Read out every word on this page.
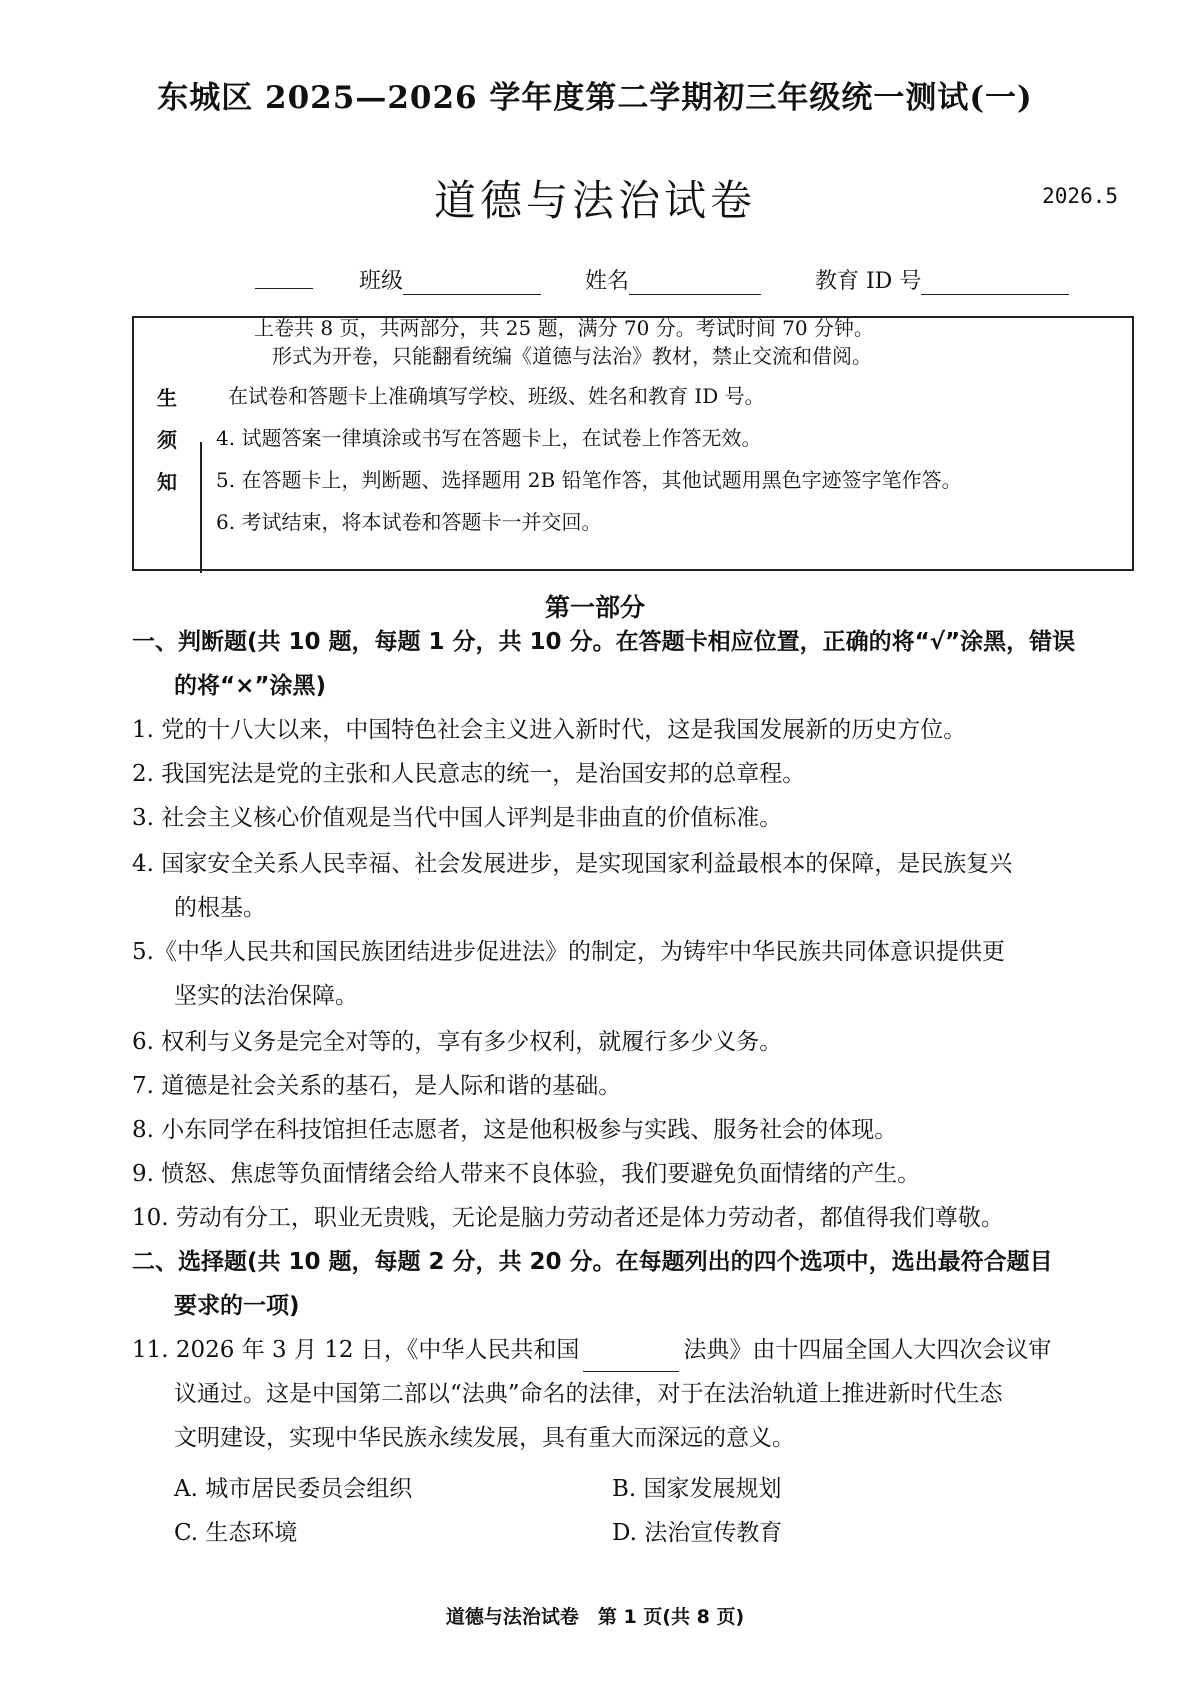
东城区 2025—2026 学年度第二学期初三年级统一测试(一)
道德与法治试卷	2026.5
班级	姓名	教育 ID 号
生
须
知
上卷共 8 页，共两部分，共 25 题，满分 70 分。考试时间 70 分钟。
形式为开卷，只能翻看统编《道德与法治》教材，禁止交流和借阅。
在试卷和答题卡上准确填写学校、班级、姓名和教育 ID 号。
4. 试题答案一律填涂或书写在答题卡上，在试卷上作答无效。
5. 在答题卡上，判断题、选择题用 2B 铅笔作答，其他试题用黑色字迹签字笔作答。
6. 考试结束，将本试卷和答题卡一并交回。
第一部分
一、判断题(共 10 题，每题 1 分，共 10 分。在答题卡相应位置，正确的将“√”涂黑，错误
的将“×”涂黑)
1. 党的十八大以来，中国特色社会主义进入新时代，这是我国发展新的历史方位。
2. 我国宪法是党的主张和人民意志的统一，是治国安邦的总章程。
3. 社会主义核心价值观是当代中国人评判是非曲直的价值标准。
4. 国家安全关系人民幸福、社会发展进步，是实现国家利益最根本的保障，是民族复兴
的根基。
5.《中华人民共和国民族团结进步促进法》的制定，为铸牢中华民族共同体意识提供更
坚实的法治保障。
6. 权利与义务是完全对等的，享有多少权利，就履行多少义务。
7. 道德是社会关系的基石，是人际和谐的基础。
8. 小东同学在科技馆担任志愿者，这是他积极参与实践、服务社会的体现。
9. 愤怒、焦虑等负面情绪会给人带来不良体验，我们要避免负面情绪的产生。
10. 劳动有分工，职业无贵贱，无论是脑力劳动者还是体力劳动者，都值得我们尊敬。
二、选择题(共 10 题，每题 2 分，共 20 分。在每题列出的四个选项中，选出最符合题目
要求的一项)
11. 2026 年 3 月 12 日，《中华人民共和国	法典》由十四届全国人大四次会议审
议通过。这是中国第二部以“法典”命名的法律，对于在法治轨道上推进新时代生态
文明建设，实现中华民族永续发展，具有重大而深远的意义。
A. 城市居民委员会组织	B. 国家发展规划
C. 生态环境	D. 法治宣传教育
道德与法治试卷　第 1 页(共 8 页)
